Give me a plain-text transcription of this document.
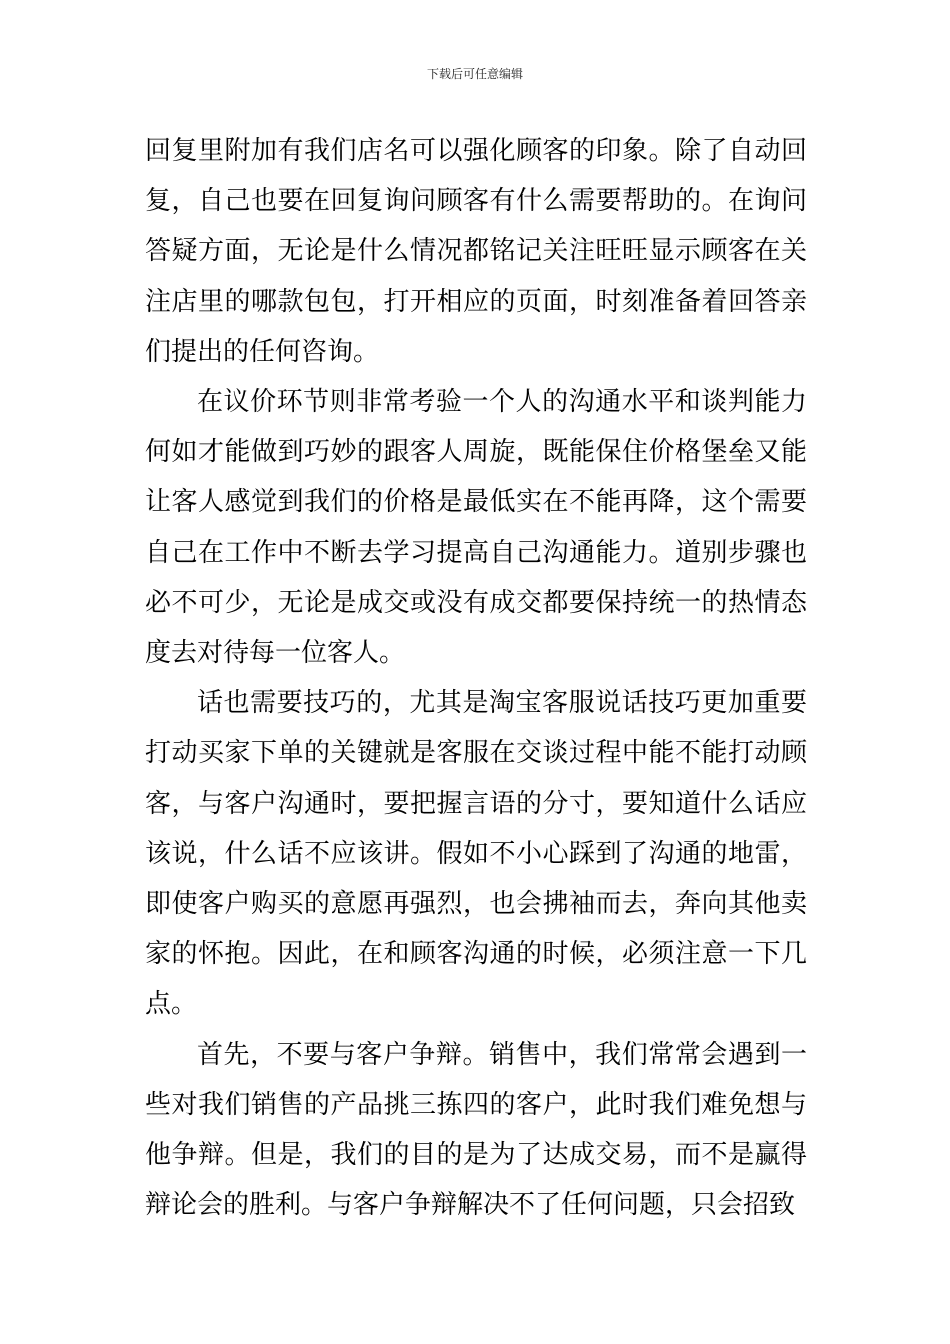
下载后可任意编辑

回复里附加有我们店名可以强化顾客的印象。除了自动回复，自己也要在回复询问顾客有什么需要帮助的。在询问答疑方面，无论是什么情况都铭记关注旺旺显示顾客在关注店里的哪款包包，打开相应的页面，时刻准备着回答亲们提出的任何咨询。

在议价环节则非常考验一个人的沟通水平和谈判能力何如才能做到巧妙的跟客人周旋，既能保住价格堡垒又能让客人感觉到我们的价格是最低实在不能再降，这个需要自己在工作中不断去学习提高自己沟通能力。道别步骤也必不可少，无论是成交或没有成交都要保持统一的热情态度去对待每一位客人。

话也需要技巧的，尤其是淘宝客服说话技巧更加重要打动买家下单的关键就是客服在交谈过程中能不能打动顾客，与客户沟通时，要把握言语的分寸，要知道什么话应该说，什么话不应该讲。假如不小心踩到了沟通的地雷，即使客户购买的意愿再强烈，也会拂袖而去，奔向其他卖家的怀抱。因此，在和顾客沟通的时候，必须注意一下几点。

首先，不要与客户争辩。销售中，我们常常会遇到一些对我们销售的产品挑三拣四的客户，此时我们难免想与他争辩。但是，我们的目的是为了达成交易，而不是赢得辩论会的胜利。与客户争辩解决不了任何问题，只会招致
